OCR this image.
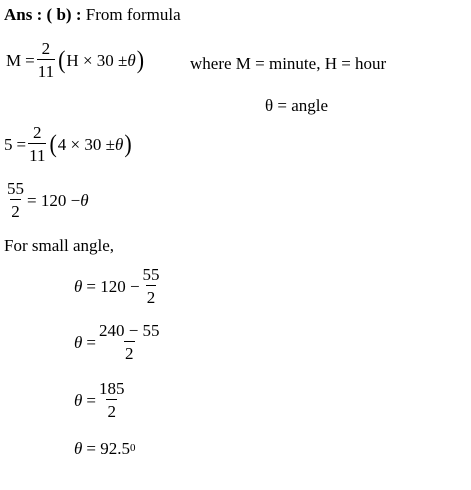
Ans : ( b) : From formula
$M = \frac{2}{11}$ ( H × 30 ± θ )	where M = minute, H = hour
θ = angle
$5 = \frac{2}{11}$ ( 4 × 30 ± θ )
$\frac{55}{2} = 120 - \theta$
For small angle,
$\theta = 120 - \frac{55}{2}$
$\theta = \frac{240 - 55}{2}$
$\theta = \frac{185}{2}$
θ = 92.5 0
